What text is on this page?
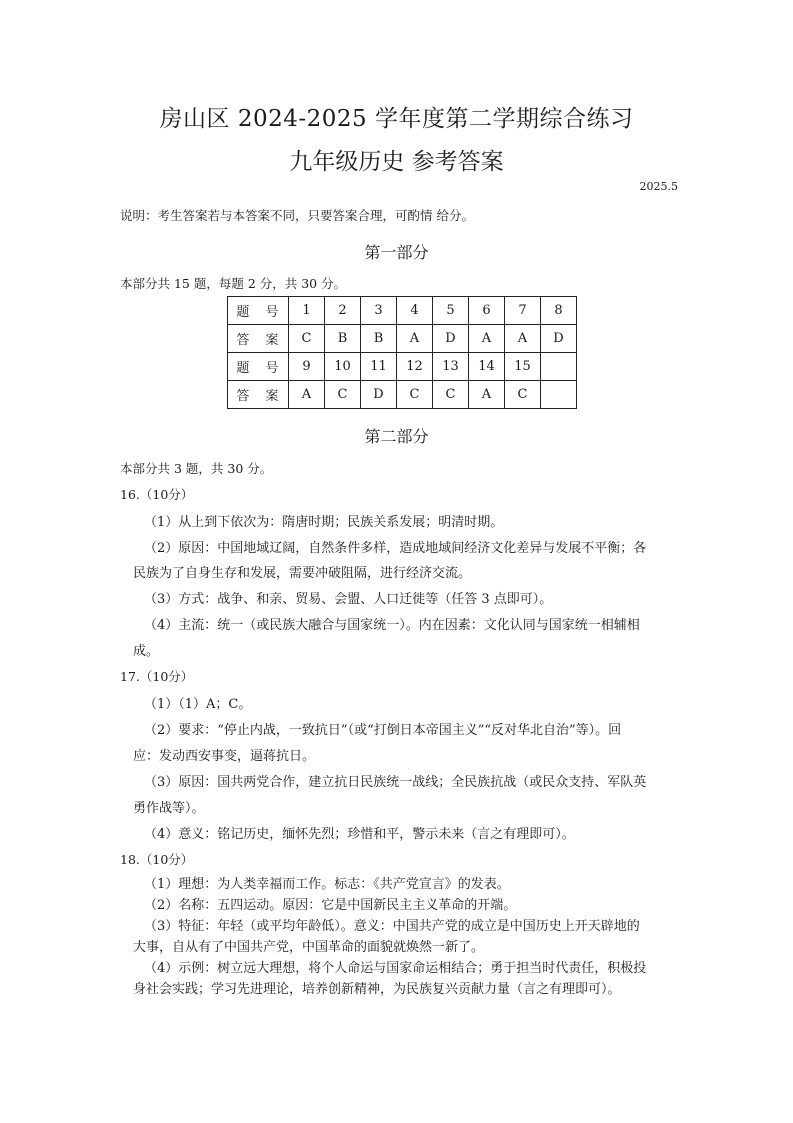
房山区 2024-2025 学年度第二学期综合练习
九年级历史 参考答案
2025.5
说明：考生答案若与本答案不同，只要答案合理，可酌情 给分。
第一部分
本部分共 15 题，每题 2 分，共 30 分。
题 号	1	2	3	4	5	6	7	8
答 案	C	B	B	A	D	A	A	D
题 号	9	10	11	12	13	14	15	
答 案	A	C	D	C	C	A	C	
第二部分
本部分共 3 题，共 30 分。
16.（10分）
（1）从上到下依次为：隋唐时期；民族关系发展；明清时期。
（2）原因：中国地域辽阔，自然条件多样，造成地域间经济文化差异与发展不平衡；各
民族为了自身生存和发展，需要冲破阻隔，进行经济交流。
（3）方式：战争、和亲、贸易、会盟、人口迁徙等（任答 3 点即可）。
（4）主流：统一（或民族大融合与国家统一）。内在因素：文化认同与国家统一相辅相
成。
17.（10分）
（1）（1）A；C。
（2）要求：“停止内战，一致抗日”（或“打倒日本帝国主义”“反对华北自治”等）。回
应：发动西安事变，逼蒋抗日。
（3）原因：国共两党合作，建立抗日民族统一战线；全民族抗战（或民众支持、军队英
勇作战等）。
（4）意义：铭记历史，缅怀先烈；珍惜和平，警示未来（言之有理即可）。
18.（10分）
（1）理想：为人类幸福而工作。标志：《共产党宣言》的发表。
（2）名称：五四运动。原因：它是中国新民主主义革命的开端。
（3）特征：年轻（或平均年龄低）。意义：中国共产党的成立是中国历史上开天辟地的
大事，自从有了中国共产党，中国革命的面貌就焕然一新了。
（4）示例：树立远大理想，将个人命运与国家命运相结合；勇于担当时代责任，积极投
身社会实践；学习先进理论，培养创新精神，为民族复兴贡献力量（言之有理即可）。
